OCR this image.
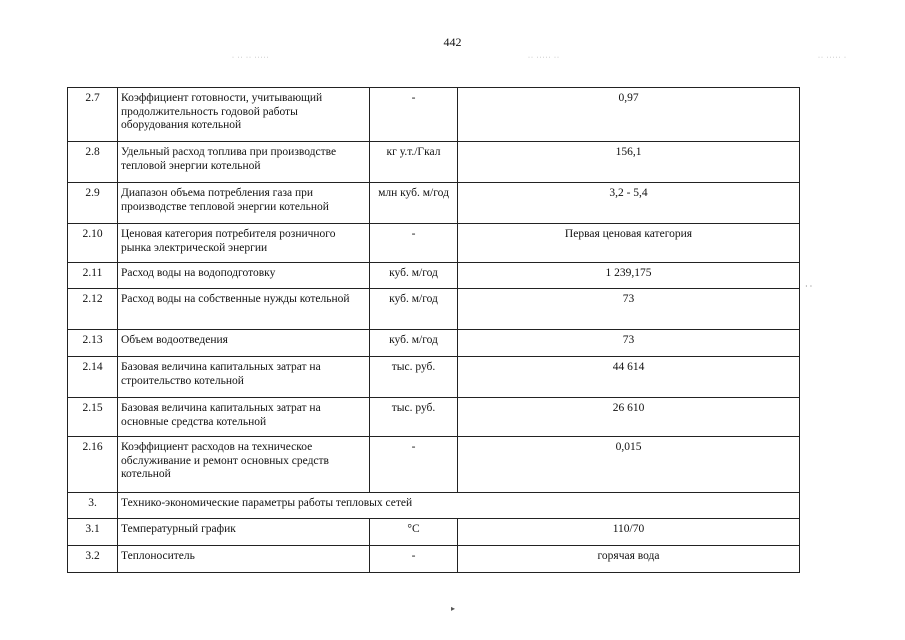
442
· ·· ·· ·····	·· ····· ··	·· ····· ·
2.7	Коэффициент готовности, учитывающий продолжительность годовой работы оборудования котельной	-	0,97
2.8	Удельный расход топлива при производстве тепловой энергии котельной	кг у.т./Гкал	156,1
2.9	Диапазон объема потребления газа при производстве тепловой энергии котельной	млн куб. м/год	3,2 - 5,4
2.10	Ценовая категория потребителя розничного рынка электрической энергии	-	Первая ценовая категория
2.11	Расход воды на водоподготовку	куб. м/год	1 239,175
2.12	Расход воды на собственные нужды котельной	куб. м/год	73
2.13	Объем водоотведения	куб. м/год	73
2.14	Базовая величина капитальных затрат на строительство котельной	тыс. руб.	44 614
2.15	Базовая величина капитальных затрат на основные средства котельной	тыс. руб.	26 610
2.16	Коэффициент расходов на техническое обслуживание и ремонт основных средств котельной	-	0,015
3.	Технико-экономические параметры работы тепловых сетей		
3.1	Температурный график	°C	110/70
3.2	Теплоноситель	-	горячая вода
▸
· ·
